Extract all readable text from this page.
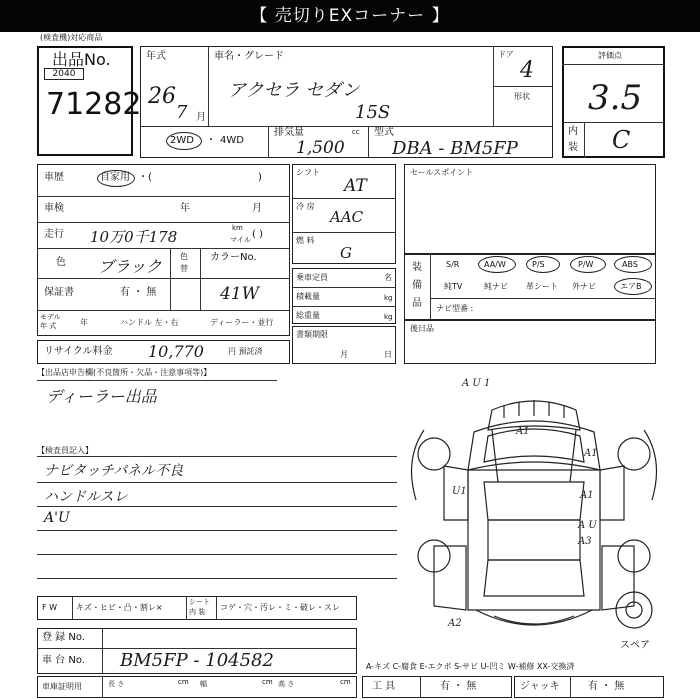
【 売切りEXコーナー 】
(検査機)対応商品
出品No.
2040
71282
年式
26
7 月
車名・グレード
アクセラ セダン
15S
ドア
4
形状
2WD ・ 4WD
排気量	cc
1,500
型式
DBA - BM5FP
評価点
3.5
内
装 C
車歴	自家用 ・(	)
車検	年	月
走行 10万0千178	km
マイル ( )
色 ブラック
色
替
カラーNo.
41W
保証書	有 ・ 無
モデル
年 式	年	ハンドル 左・右	ディーラー・並行
リサイクル料金 10,770	円 預託済
シフト
AT
冷 房
AAC
燃 料
G
乗車定員	名
積載量	kg
総重量	kg
書類期限
月	日
セールスポイント
装
備
品
S/R	AA/W	P/S	P/W	ABS
純TV	純ナビ 革シート 外ナビ	エアB
ナビ型番 :
後日品
【出品店申告欄(不良箇所・欠品・注意事項等)】
ディーラー出品
【検査員記入】
ナビタッチパネル不良
ハンドルスレ
A'U
F W キズ・ヒビ・凸・割レ×
シート
内 装 コゲ・穴・汚レ・ミ・破レ・スレ
登 録 No.
車 台 No. BM5FP - 104582
車庫証明用	長 さ	cm 幅	cm 高 さ	cm
A-キズ C-腐食 E-エクボ S-サビ U-凹ミ W-補修 XX-交換済
スペア
工 具	有 ・ 無	ジャッキ	有 ・ 無
A U 1
A1
A1
U1	A1
A U
A3
A2
